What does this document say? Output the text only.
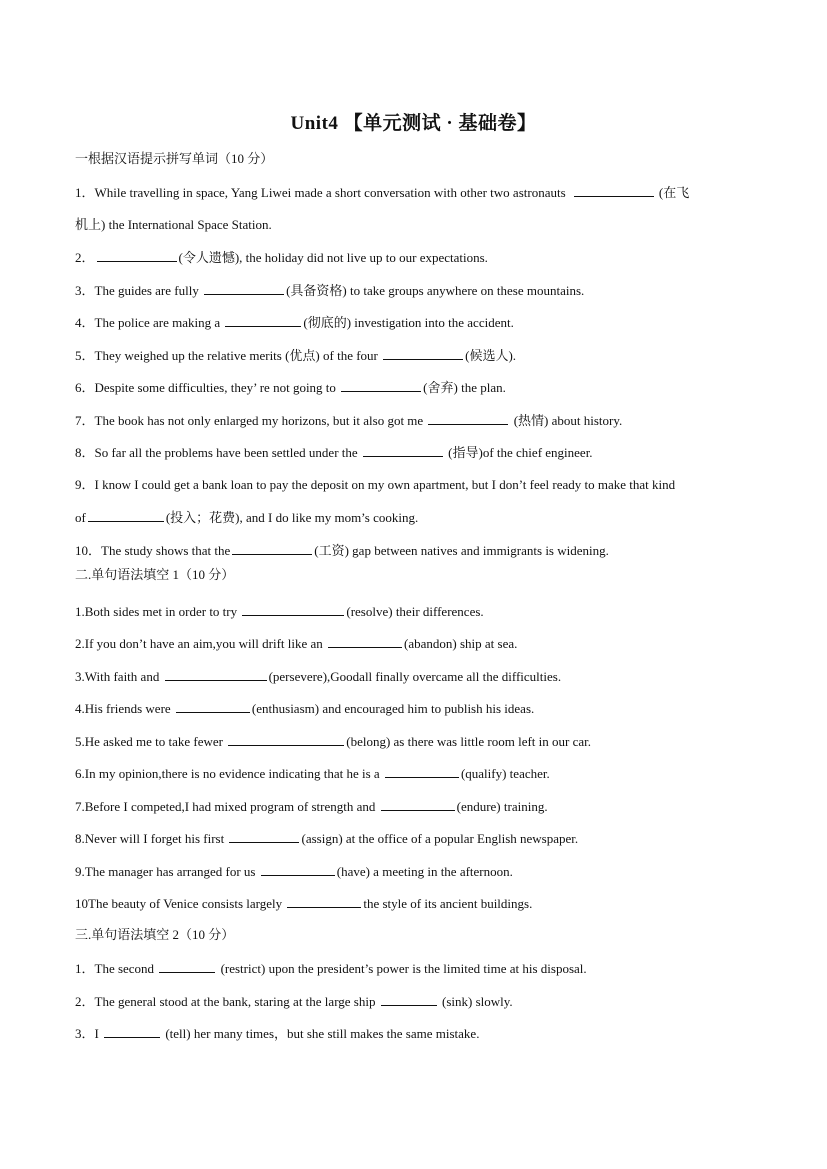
Unit4 【单元测试 · 基础卷】
一根据汉语提示拼写单词（10 分）
1．While travelling in space, Yang Liwei made a short conversation with other two astronauts	(在飞
机上) the International Space Station.
2．	(令人遗憾), the holiday did not live up to our expectations.
3．The guides are fully	(具备资格) to take groups anywhere on these mountains.
4．The police are making a	(彻底的) investigation into the accident.
5．They weighed up the relative merits (优点) of the four	(候选人).
6．Despite some difficulties, they’ re not going to	(舍弃) the plan.
7．The book has not only enlarged my horizons, but it also got me	(热情) about history.
8．So far all the problems have been settled under the	(指导)of the chief engineer.
9．I know I could get a bank loan to pay the deposit on my own apartment, but I don’t feel ready to make that kind
of	(投入；花费), and I do like my mom’s cooking.
10．The study shows that the	(工资) gap between natives and immigrants is widening.
二.单句语法填空 1（10 分）
1.Both sides met in order to try	(resolve) their differences.
2.If you don’t have an aim,you will drift like an	(abandon) ship at sea.
3.With faith and	(persevere),Goodall finally overcame all the difficulties.
4.His friends were	(enthusiasm) and encouraged him to publish his ideas.
5.He asked me to take fewer	(belong) as there was little room left in our car.
6.In my opinion,there is no evidence indicating that he is a	(qualify) teacher.
7.Before I competed,I had mixed program of strength and	(endure) training.
8.Never will I forget his first	(assign) at the office of a popular English newspaper.
9.The manager has arranged for us	(have) a meeting in the afternoon.
10The beauty of Venice consists largely	the style of its ancient buildings.
三.单句语法填空 2（10 分）
1．The second	(restrict) upon the president’s power is the limited time at his disposal.
2．The general stood at the bank, staring at the large ship	(sink) slowly.
3．I	(tell) her many times，but she still makes the same mistake.
